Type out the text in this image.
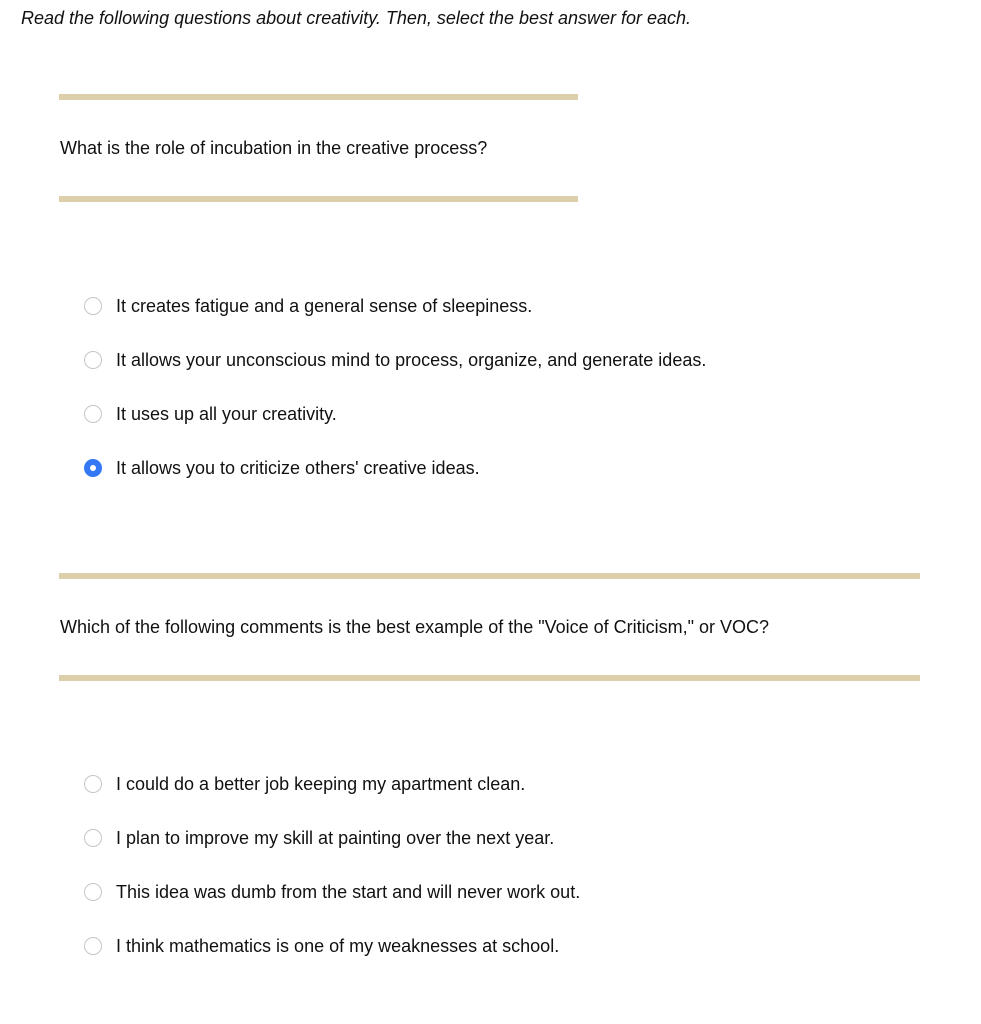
Read the following questions about creativity. Then, select the best answer for each.

What is the role of incubation in the creative process?

It creates fatigue and a general sense of sleepiness.
It allows your unconscious mind to process, organize, and generate ideas.
It uses up all your creativity.
It allows you to criticize others' creative ideas.

Which of the following comments is the best example of the "Voice of Criticism," or VOC?

I could do a better job keeping my apartment clean.
I plan to improve my skill at painting over the next year.
This idea was dumb from the start and will never work out.
I think mathematics is one of my weaknesses at school.
